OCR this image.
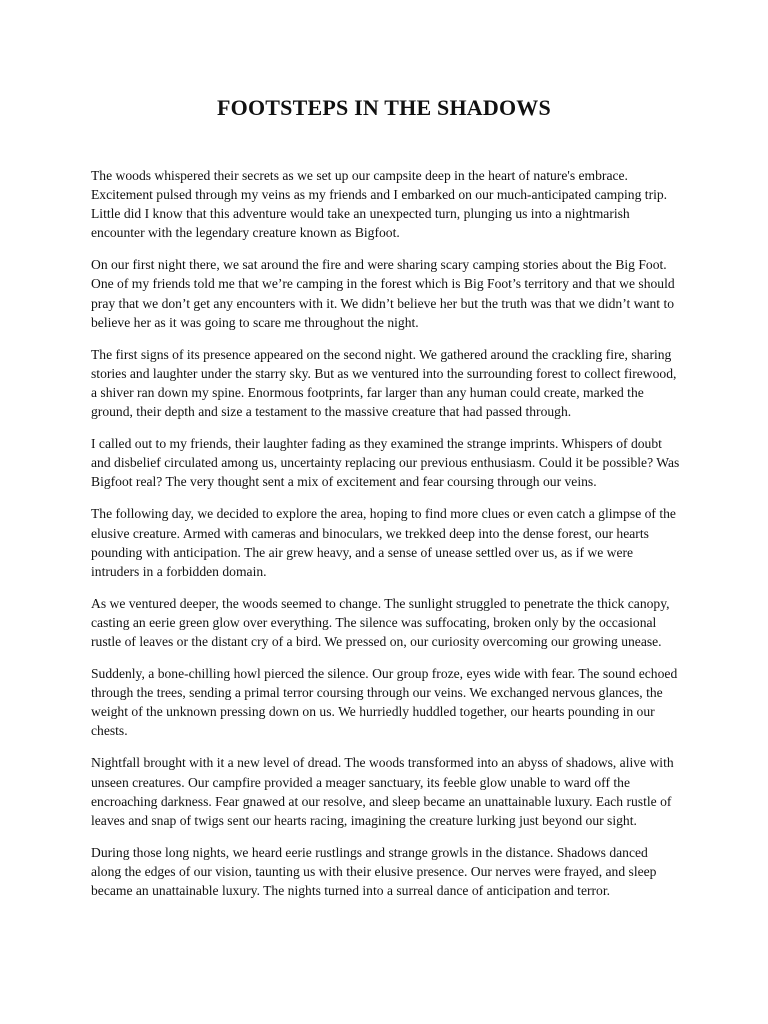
FOOTSTEPS IN THE SHADOWS

The woods whispered their secrets as we set up our campsite deep in the heart of nature's embrace. Excitement pulsed through my veins as my friends and I embarked on our much-anticipated camping trip. Little did I know that this adventure would take an unexpected turn, plunging us into a nightmarish encounter with the legendary creature known as Bigfoot.

On our first night there, we sat around the fire and were sharing scary camping stories about the Big Foot. One of my friends told me that we’re camping in the forest which is Big Foot’s territory and that we should pray that we don’t get any encounters with it. We didn’t believe her but the truth was that we didn’t want to believe her as it was going to scare me throughout the night.

The first signs of its presence appeared on the second night. We gathered around the crackling fire, sharing stories and laughter under the starry sky. But as we ventured into the surrounding forest to collect firewood, a shiver ran down my spine. Enormous footprints, far larger than any human could create, marked the ground, their depth and size a testament to the massive creature that had passed through.

I called out to my friends, their laughter fading as they examined the strange imprints. Whispers of doubt and disbelief circulated among us, uncertainty replacing our previous enthusiasm. Could it be possible? Was Bigfoot real? The very thought sent a mix of excitement and fear coursing through our veins.

The following day, we decided to explore the area, hoping to find more clues or even catch a glimpse of the elusive creature. Armed with cameras and binoculars, we trekked deep into the dense forest, our hearts pounding with anticipation. The air grew heavy, and a sense of unease settled over us, as if we were intruders in a forbidden domain.

As we ventured deeper, the woods seemed to change. The sunlight struggled to penetrate the thick canopy, casting an eerie green glow over everything. The silence was suffocating, broken only by the occasional rustle of leaves or the distant cry of a bird. We pressed on, our curiosity overcoming our growing unease.

Suddenly, a bone-chilling howl pierced the silence. Our group froze, eyes wide with fear. The sound echoed through the trees, sending a primal terror coursing through our veins. We exchanged nervous glances, the weight of the unknown pressing down on us. We hurriedly huddled together, our hearts pounding in our chests.

Nightfall brought with it a new level of dread. The woods transformed into an abyss of shadows, alive with unseen creatures. Our campfire provided a meager sanctuary, its feeble glow unable to ward off the encroaching darkness. Fear gnawed at our resolve, and sleep became an unattainable luxury. Each rustle of leaves and snap of twigs sent our hearts racing, imagining the creature lurking just beyond our sight.

During those long nights, we heard eerie rustlings and strange growls in the distance. Shadows danced along the edges of our vision, taunting us with their elusive presence. Our nerves were frayed, and sleep became an unattainable luxury. The nights turned into a surreal dance of anticipation and terror.
